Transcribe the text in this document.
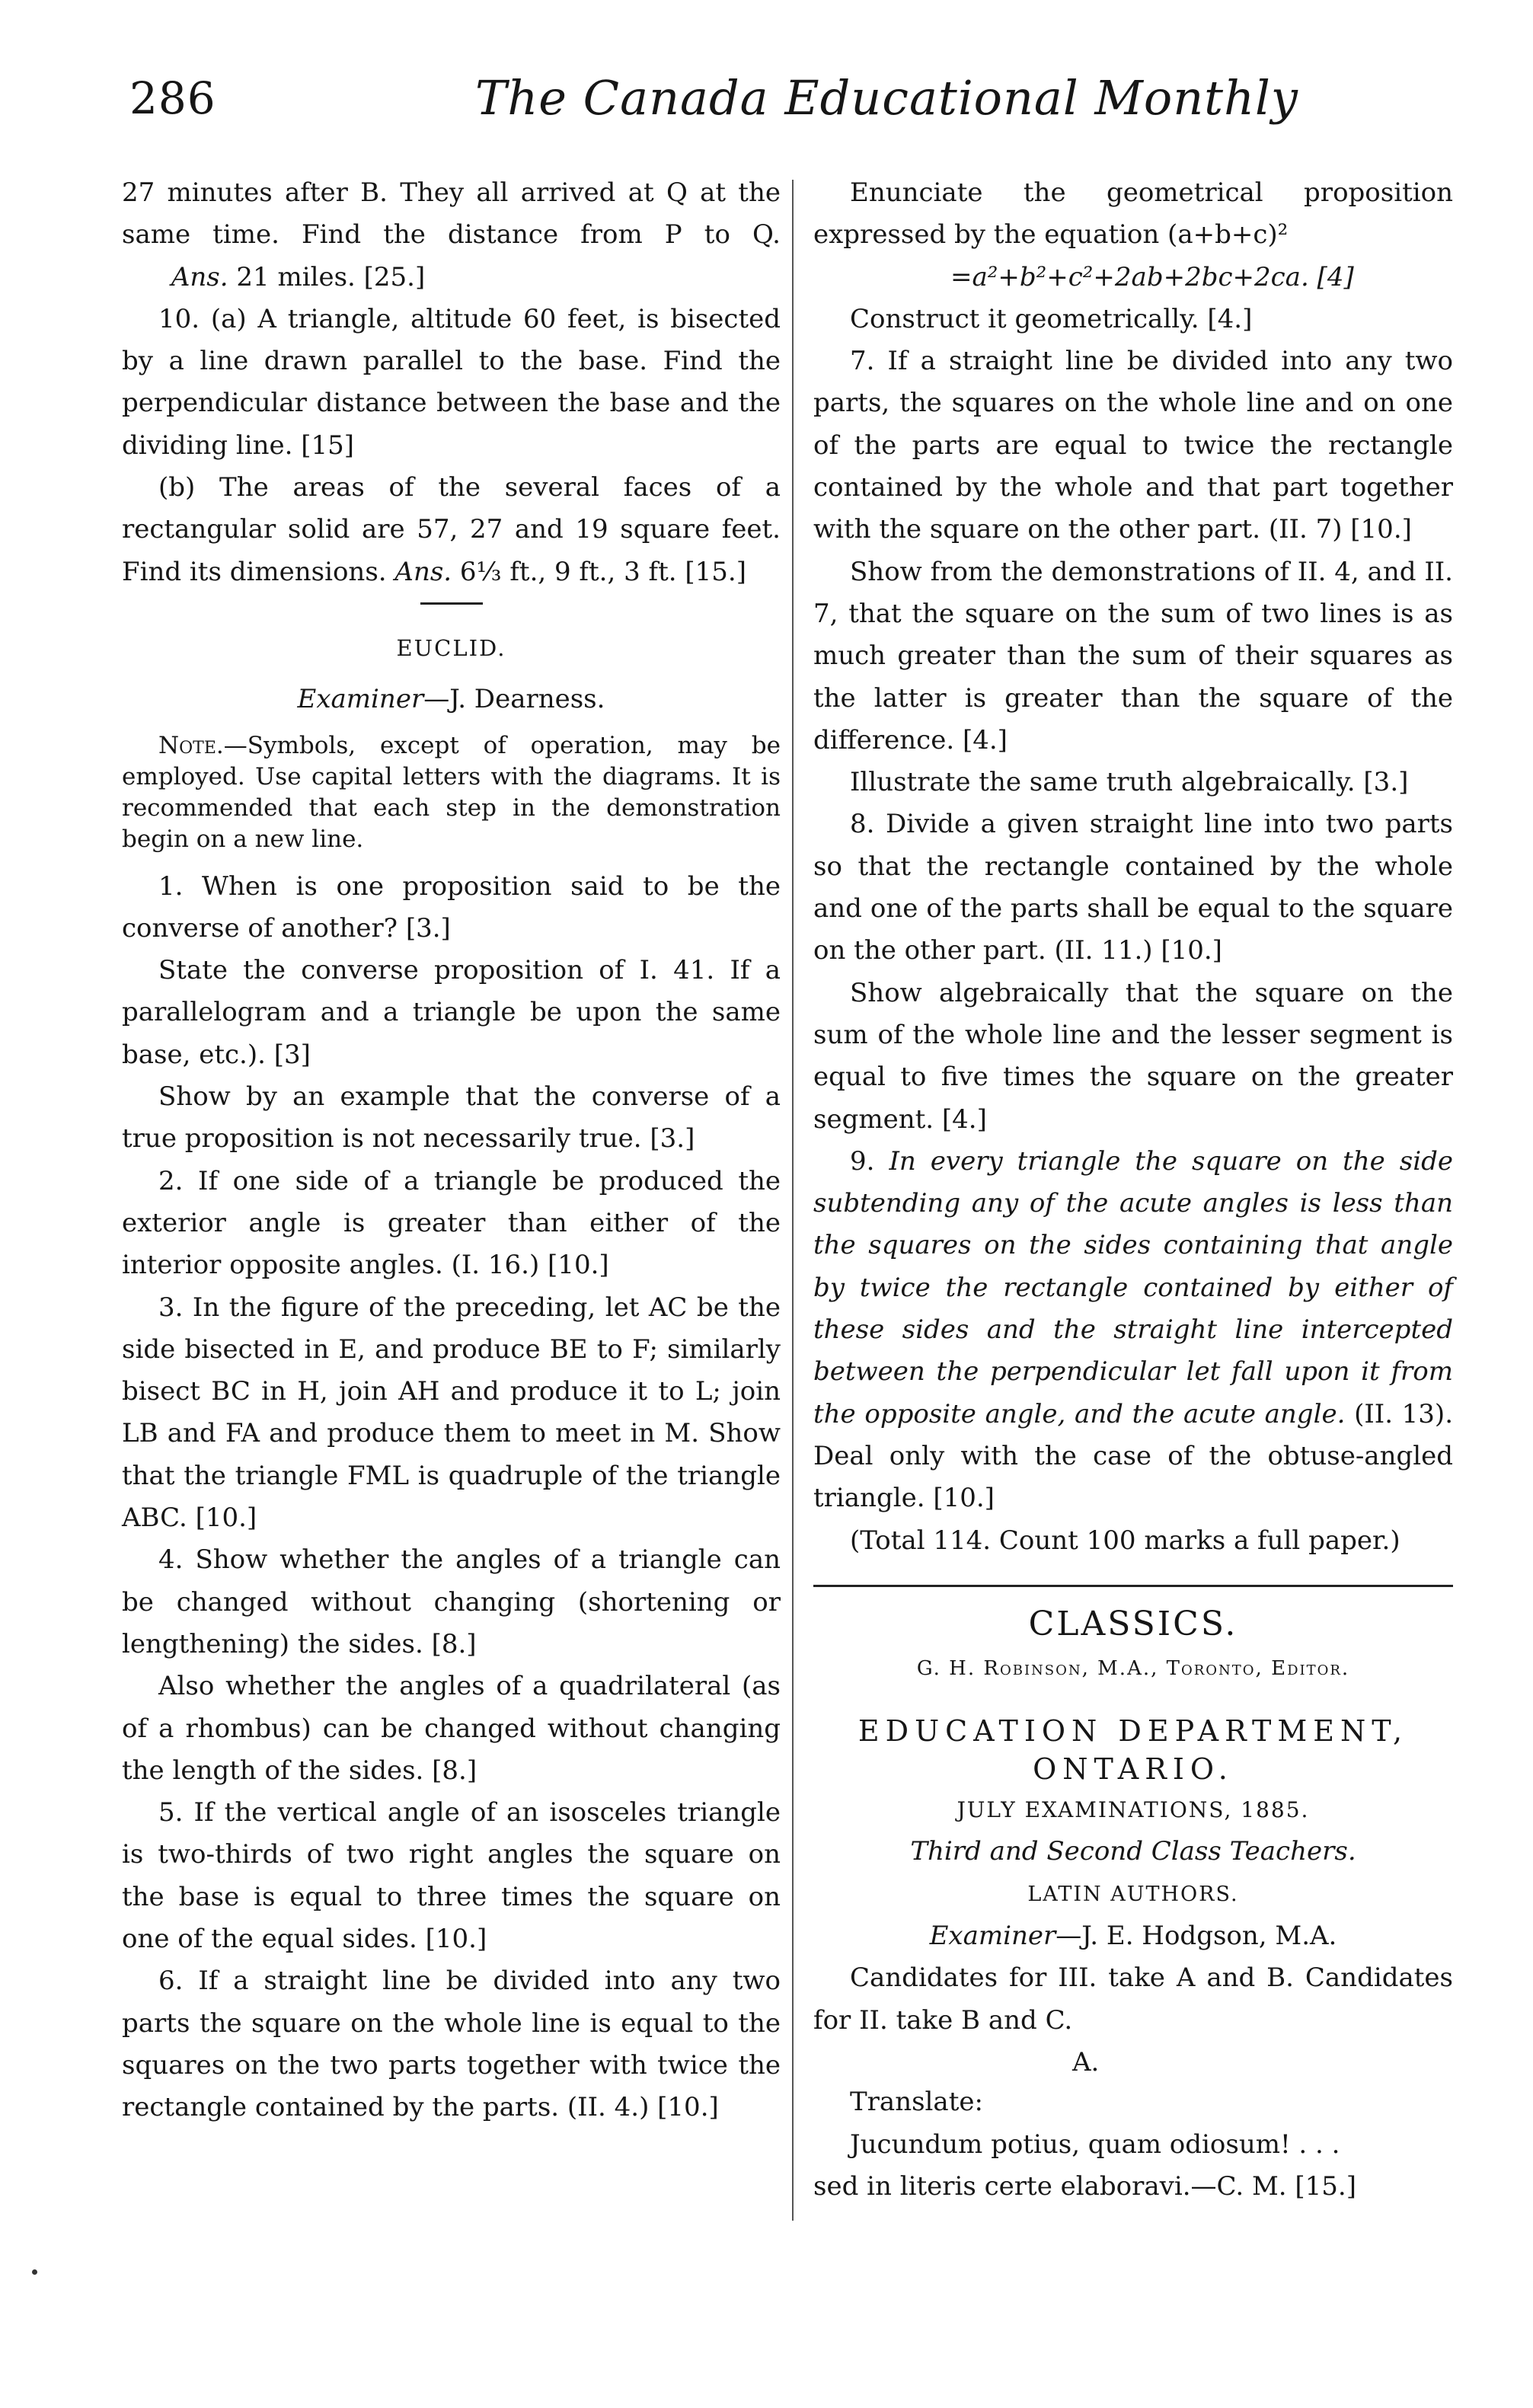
286	The Canada Educational Monthly

27 minutes after B. They all arrived at Q at the same time. Find the distance from P to Q.       Ans. 21 miles. [25.]

10. (a) A triangle, altitude 60 feet, is bisected by a line drawn parallel to the base. Find the perpendicular distance between the base and the dividing line. [15]

(b) The areas of the several faces of a rectangular solid are 57, 27 and 19 square feet. Find its dimensions. Ans. 6⅓ ft., 9 ft., 3 ft. [15.]

EUCLID.

Examiner—J. Dearness.

Note.—Symbols, except of operation, may be employed. Use capital letters with the diagrams. It is recommended that each step in the demonstration begin on a new line.

1. When is one proposition said to be the converse of another? [3.]

State the converse proposition of I. 41. If a parallelogram and a triangle be upon the same base, etc.). [3]

Show by an example that the converse of a true proposition is not necessarily true. [3.]

2. If one side of a triangle be produced the exterior angle is greater than either of the interior opposite angles. (I. 16.) [10.]

3. In the figure of the preceding, let AC be the side bisected in E, and produce BE to F; similarly bisect BC in H, join AH and produce it to L; join LB and FA and produce them to meet in M. Show that the triangle FML is quadruple of the triangle ABC. [10.]

4. Show whether the angles of a triangle can be changed without changing (shortening or lengthening) the sides. [8.]

Also whether the angles of a quadrilateral (as of a rhombus) can be changed without changing the length of the sides. [8.]

5. If the vertical angle of an isosceles triangle is two-thirds of two right angles the square on the base is equal to three times the square on one of the equal sides. [10.]

6. If a straight line be divided into any two parts the square on the whole line is equal to the squares on the two parts together with twice the rectangle contained by the parts. (II. 4.) [10.]

Enunciate the geometrical proposition expressed by the equation (a+b+c)²

=a²+b²+c²+2ab+2bc+2ca. [4]

Construct it geometrically. [4.]

7. If a straight line be divided into any two parts, the squares on the whole line and on one of the parts are equal to twice the rectangle contained by the whole and that part together with the square on the other part. (II. 7) [10.]

Show from the demonstrations of II. 4, and II. 7, that the square on the sum of two lines is as much greater than the sum of their squares as the latter is greater than the square of the difference. [4.]

Illustrate the same truth algebraically. [3.]

8. Divide a given straight line into two parts so that the rectangle contained by the whole and one of the parts shall be equal to the square on the other part. (II. 11.) [10.]

Show algebraically that the square on the sum of the whole line and the lesser segment is equal to five times the square on the greater segment. [4.]

9. In every triangle the square on the side subtending any of the acute angles is less than the squares on the sides containing that angle by twice the rectangle contained by either of these sides and the straight line intercepted between the perpendicular let fall upon it from the opposite angle, and the acute angle. (II. 13). Deal only with the case of the obtuse-angled triangle. [10.]

(Total 114. Count 100 marks a full paper.)

CLASSICS.

G. H. Robinson, M.A., Toronto, Editor.

EDUCATION DEPARTMENT,

ONTARIO.

JULY EXAMINATIONS, 1885.

Third and Second Class Teachers.

LATIN AUTHORS.

Examiner—J. E. Hodgson, M.A.

Candidates for III. take A and B. Candidates for II. take B and C.

A.
Translate:

Jucundum potius, quam odiosum! . . .

sed in literis certe elaboravi.—C. M. [15.]
